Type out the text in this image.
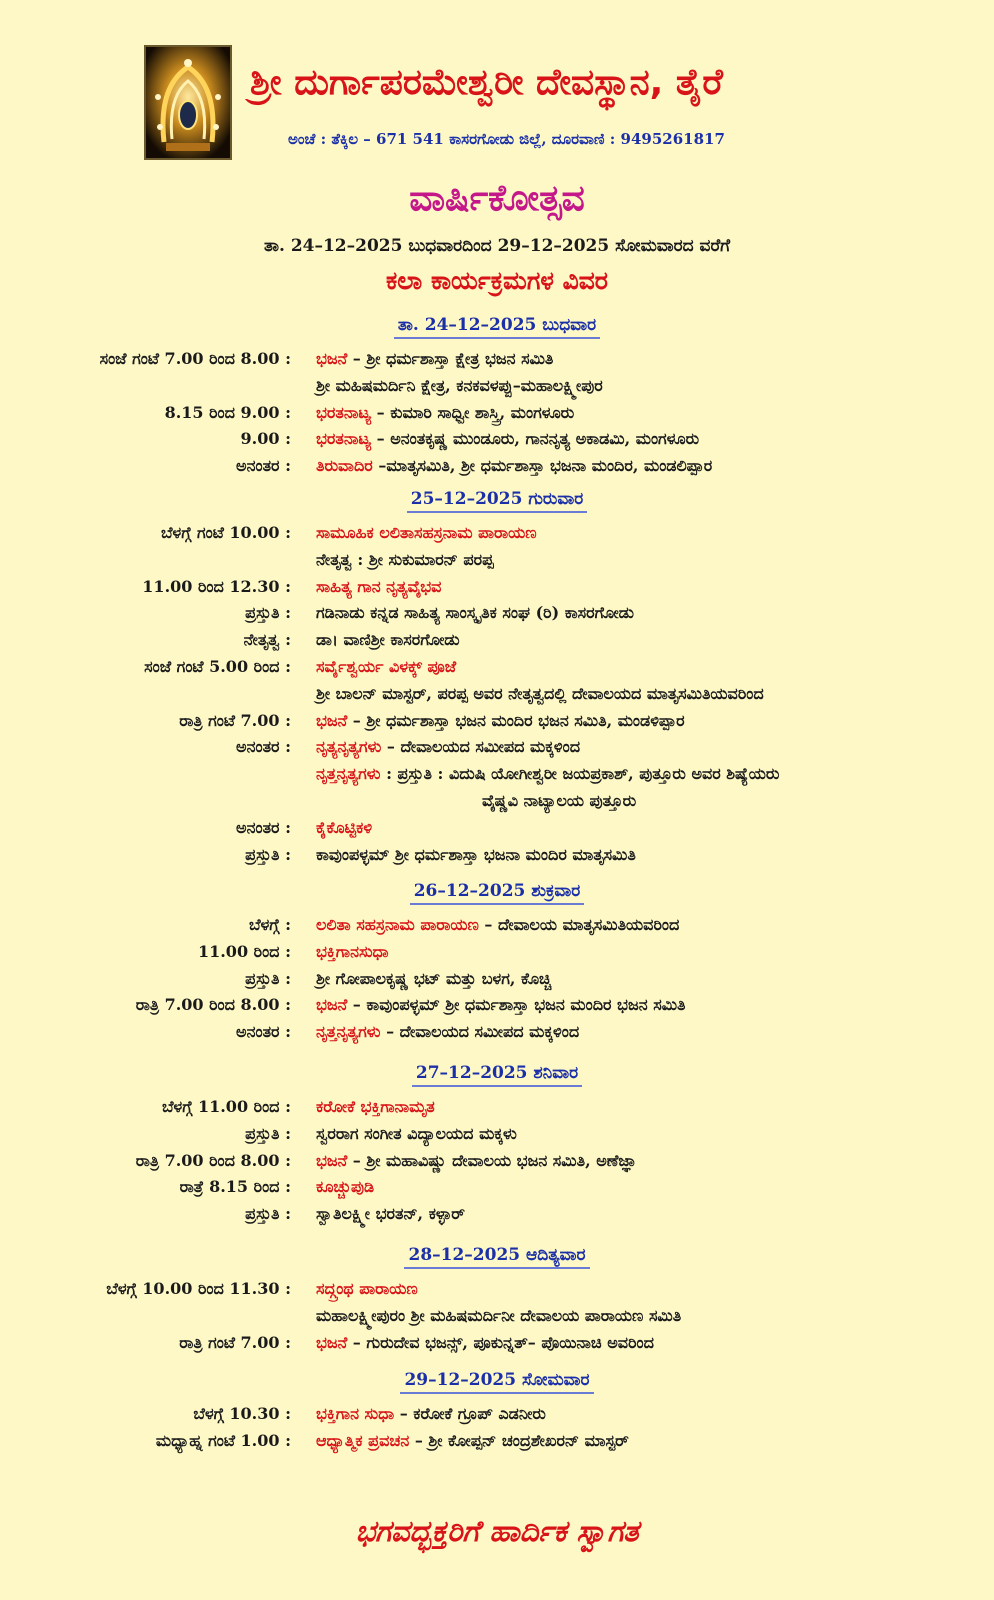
ಶ್ರೀ ದುರ್ಗಾಪರಮೇಶ್ವರೀ ದೇವಸ್ಥಾನ, ತೈರೆ
ಅಂಚೆ : ತೆಕ್ಕಿಲ – 671 541 ಕಾಸರಗೋಡು ಜಿಲ್ಲೆ, ದೂರವಾಣಿ : 9495261817
ವಾರ್ಷಿಕೋತ್ಸವ
ತಾ. 24–12–2025 ಬುಧವಾರದಿಂದ 29–12–2025 ಸೋಮವಾರದ ವರೆಗೆ
ಕಲಾ ಕಾರ್ಯಕ್ರಮಗಳ ವಿವರ
ತಾ. 24–12–2025 ಬುಧವಾರ
ಸಂಜೆ ಗಂಟೆ 7.00 ರಿಂದ 8.00 : ಭಜನೆ – ಶ್ರೀ ಧರ್ಮಶಾಸ್ತಾ ಕ್ಷೇತ್ರ ಭಜನ ಸಮಿತಿ
ಶ್ರೀ ಮಹಿಷಮರ್ದಿನಿ ಕ್ಷೇತ್ರ, ಕನಕವಳಪ್ಪು–ಮಹಾಲಕ್ಷ್ಮೀಪುರ
8.15 ರಿಂದ 9.00 : ಭರತನಾಟ್ಯ – ಕುಮಾರಿ ಸಾಧ್ವೀ ಶಾಸ್ತ್ರಿ, ಮಂಗಳೂರು
9.00 : ಭರತನಾಟ್ಯ – ಅನಂತಕೃಷ್ಣ ಮುಂಡೂರು, ಗಾನನೃತ್ಯ ಅಕಾಡಮಿ, ಮಂಗಳೂರು
ಅನಂತರ : ತಿರುವಾದಿರ –ಮಾತೃಸಮಿತಿ, ಶ್ರೀ ಧರ್ಮಶಾಸ್ತಾ ಭಜನಾ ಮಂದಿರ, ಮಂಡಲಿಪ್ಪಾರ
25–12–2025 ಗುರುವಾರ
ಬೆಳಗ್ಗೆ ಗಂಟೆ 10.00 : ಸಾಮೂಹಿಕ ಲಲಿತಾಸಹಸ್ರನಾಮ ಪಾರಾಯಣ
ನೇತೃತ್ವ : ಶ್ರೀ ಸುಕುಮಾರನ್ ಪರಪ್ಪ
11.00 ರಿಂದ 12.30 : ಸಾಹಿತ್ಯ ಗಾನ ನೃತ್ಯವೈಭವ
ಪ್ರಸ್ತುತಿ : ಗಡಿನಾಡು ಕನ್ನಡ ಸಾಹಿತ್ಯ ಸಾಂಸ್ಕೃತಿಕ ಸಂಘ (ರಿ) ಕಾಸರಗೋಡು
ನೇತೃತ್ವ : ಡಾ। ವಾಣಿಶ್ರೀ ಕಾಸರಗೋಡು
ಸಂಜೆ ಗಂಟೆ 5.00 ರಿಂದ : ಸರ್ವೈಶ್ವರ್ಯ ವಿಳಕ್ಕ್ ಪೂಜೆ
ಶ್ರೀ ಬಾಲನ್ ಮಾಸ್ಟರ್, ಪರಪ್ಪ ಅವರ ನೇತೃತ್ವದಲ್ಲಿ ದೇವಾಲಯದ ಮಾತೃಸಮಿತಿಯವರಿಂದ
ರಾತ್ರಿ ಗಂಟೆ 7.00 : ಭಜನೆ – ಶ್ರೀ ಧರ್ಮಶಾಸ್ತಾ ಭಜನ ಮಂದಿರ ಭಜನ ಸಮಿತಿ, ಮಂಡಳಿಪ್ಪಾರ
ಅನಂತರ : ನೃತ್ಯನೃತ್ಯಗಳು – ದೇವಾಲಯದ ಸಮೀಪದ ಮಕ್ಕಳಿಂದ
ನೃತ್ತನೃತ್ಯಗಳು : ಪ್ರಸ್ತುತಿ : ವಿದುಷಿ ಯೋಗೀಶ್ವರೀ ಜಯಪ್ರಕಾಶ್, ಪುತ್ತೂರು ಅವರ ಶಿಷ್ಯೆಯರು
ವೈಷ್ಣವಿ ನಾಟ್ಯಾಲಯ ಪುತ್ತೂರು
ಅನಂತರ : ಕೈಕೊಟ್ಟಿಕಳಿ
ಪ್ರಸ್ತುತಿ : ಕಾವುಂಪಳ್ಳಮ್ ಶ್ರೀ ಧರ್ಮಶಾಸ್ತಾ ಭಜನಾ ಮಂದಿರ ಮಾತೃಸಮಿತಿ
26–12–2025 ಶುಕ್ರವಾರ
ಬೆಳಗ್ಗೆ : ಲಲಿತಾ ಸಹಸ್ರನಾಮ ಪಾರಾಯಣ – ದೇವಾಲಯ ಮಾತೃಸಮಿತಿಯವರಿಂದ
11.00 ರಿಂದ : ಭಕ್ತಿಗಾನಸುಧಾ
ಪ್ರಸ್ತುತಿ : ಶ್ರೀ ಗೋಪಾಲಕೃಷ್ಣ ಭಟ್ ಮತ್ತು ಬಳಗ, ಕೊಚ್ಚಿ
ರಾತ್ರಿ 7.00 ರಿಂದ 8.00 : ಭಜನೆ – ಕಾವುಂಪಳ್ಳಮ್ ಶ್ರೀ ಧರ್ಮಶಾಸ್ತಾ ಭಜನ ಮಂದಿರ ಭಜನ ಸಮಿತಿ
ಅನಂತರ : ನೃತ್ತನೃತ್ಯಗಳು – ದೇವಾಲಯದ ಸಮೀಪದ ಮಕ್ಕಳಿಂದ
27–12–2025 ಶನಿವಾರ
ಬೆಳಗ್ಗೆ 11.00 ರಿಂದ : ಕರೋಕೆ ಭಕ್ತಿಗಾನಾಮೃತ
ಪ್ರಸ್ತುತಿ : ಸ್ವರರಾಗ ಸಂಗೀತ ವಿದ್ಯಾಲಯದ ಮಕ್ಕಳು
ರಾತ್ರಿ 7.00 ರಿಂದ 8.00 : ಭಜನೆ – ಶ್ರೀ ಮಹಾವಿಷ್ಣು ದೇವಾಲಯ ಭಜನ ಸಮಿತಿ, ಅಣೆಜ್ಞಾ
ರಾತ್ರೆ 8.15 ರಿಂದ : ಕೂಚ್ಚುಪುಡಿ
ಪ್ರಸ್ತುತಿ : ಸ್ವಾತಿಲಕ್ಷ್ಮೀ ಭರತನ್, ಕಳ್ಳಾರ್
28–12–2025 ಆದಿತ್ಯವಾರ
ಬೆಳಗ್ಗೆ 10.00 ರಿಂದ 11.30 : ಸದ್ಗ್ರಂಥ ಪಾರಾಯಣ
ಮಹಾಲಕ್ಷ್ಮೀಪುರಂ ಶ್ರೀ ಮಹಿಷಮರ್ದಿನೀ ದೇವಾಲಯ ಪಾರಾಯಣ ಸಮಿತಿ
ರಾತ್ರಿ ಗಂಟೆ 7.00 : ಭಜನೆ – ಗುರುದೇವ ಭಜನ್ಸ್, ಪೂಕುನ್ನತ್– ಪೊಯಿನಾಚಿ ಅವರಿಂದ
29–12–2025 ಸೋಮವಾರ
ಬೆಳಗ್ಗೆ 10.30 : ಭಕ್ತಿಗಾನ ಸುಧಾ – ಕರೋಕೆ ಗ್ರೂಪ್ ಎಡನೀರು
ಮಧ್ಯಾಹ್ನ ಗಂಟೆ 1.00 : ಆಧ್ಯಾತ್ಮಿಕ ಪ್ರವಚನ – ಶ್ರೀ ಕೋಪ್ಪನ್ ಚಂದ್ರಶೇಖರನ್ ಮಾಸ್ಟರ್
ಭಗವದ್ಭಕ್ತರಿಗೆ ಹಾರ್ದಿಕ ಸ್ವಾಗತ
